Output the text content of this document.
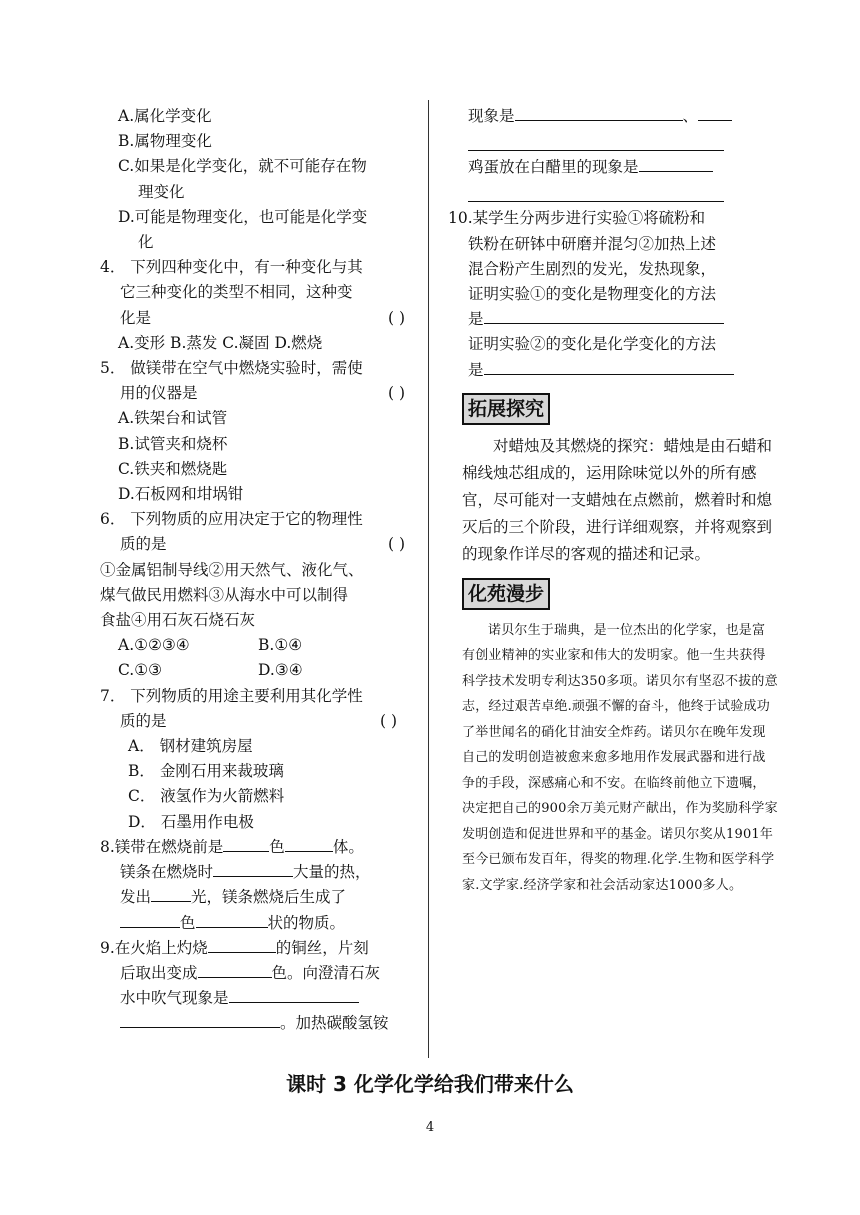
A.属化学变化
B.属物理变化
C.如果是化学变化，就不可能存在物
理变化
D.可能是物理变化，也可能是化学变
化
4． 下列四种变化中，有一种变化与其
它三种变化的类型不相同，这种变
化是	( )
A.变形 B.蒸发 C.凝固 D.燃烧
5． 做镁带在空气中燃烧实验时，需使
用的仪器是	( )
A.铁架台和试管
B.试管夹和烧杯
C.铁夹和燃烧匙
D.石板网和坩埚钳
6． 下列物质的应用决定于它的物理性
质的是	( )
①金属铝制导线②用天然气、液化气、
煤气做民用燃料③从海水中可以制得
食盐④用石灰石烧石灰
A.①②③④	B.①④
C.①③	D.③④
7． 下列物质的用途主要利用其化学性
质的是	( )
A． 钢材建筑房屋
B． 金刚石用来裁玻璃
C． 液氢作为火箭燃料
D． 石墨用作电极
8.镁带在燃烧前是	色	体。
镁条在燃烧时	大量的热，
发出	光，镁条燃烧后生成了
色	状的物质。
9.在火焰上灼烧	的铜丝，片刻
后取出变成	色。向澄清石灰
水中吹气现象是
。加热碳酸氢铵
现象是	、
鸡蛋放在白醋里的现象是
10.某学生分两步进行实验①将硫粉和
铁粉在研钵中研磨并混匀②加热上述
混合粉产生剧烈的发光，发热现象，
证明实验①的变化是物理变化的方法
是
证明实验②的变化是化学变化的方法
是
拓展探究
对蜡烛及其燃烧的探究：蜡烛是由石蜡和棉线烛芯组成的，运用除味觉以外的所有感官，尽可能对一支蜡烛在点燃前，燃着时和熄灭后的三个阶段，进行详细观察，并将观察到的现象作详尽的客观的描述和记录。
化苑漫步
诺贝尔生于瑞典，是一位杰出的化学家，也是富有创业精神的实业家和伟大的发明家。他一生共获得科学技术发明专利达350多项。诺贝尔有坚忍不拔的意志，经过艰苦卓绝.顽强不懈的奋斗，他终于试验成功了举世闻名的硝化甘油安全炸药。诺贝尔在晚年发现自己的发明创造被愈来愈多地用作发展武器和进行战争的手段，深感痛心和不安。在临终前他立下遗嘱，决定把自己的900余万美元财产献出，作为奖励科学家发明创造和促进世界和平的基金。诺贝尔奖从1901年至今已颁布发百年，得奖的物理.化学.生物和医学科学家.文学家.经济学家和社会活动家达1000多人。
课时 3 化学化学给我们带来什么
4
